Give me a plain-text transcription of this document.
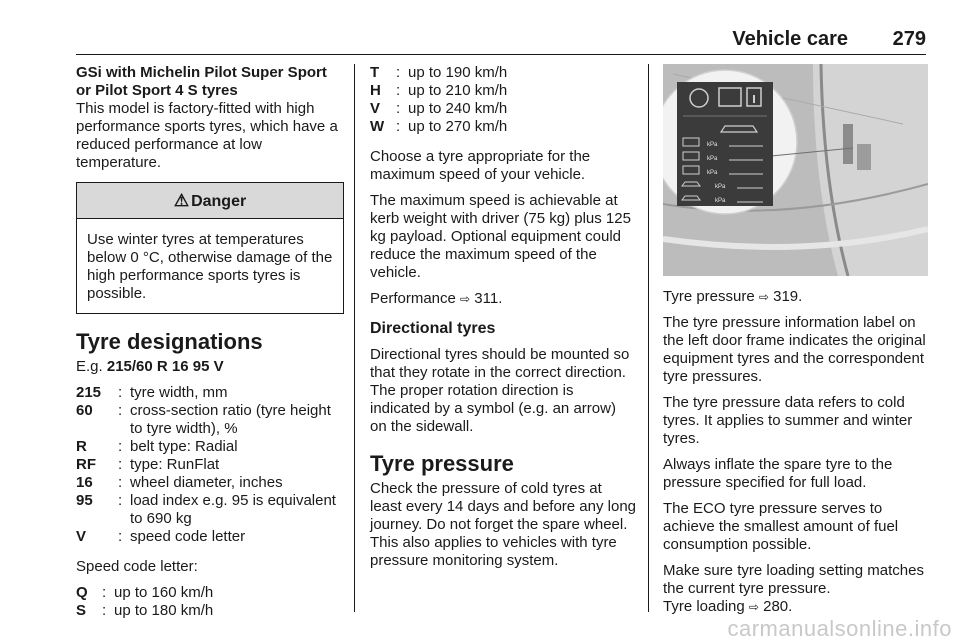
Vehicle care 279
GSi with Michelin Pilot Super Sport or Pilot Sport 4 S tyres

This model is factory-fitted with high performance sports tyres, which have a reduced performance at low temperature.

⚠ Danger
Use winter tyres at temperatures below 0 °C, otherwise damage of the high performance sports tyres is possible.
Tyre designations

E.g. 215/60 R 16 95 V

215	: tyre width, mm
60	: cross-section ratio (tyre height to tyre width), %
R	: belt type: Radial
RF	: type: RunFlat
16	: wheel diameter, inches
95	: load index e.g. 95 is equivalent to 690 kg
V	: speed code letter

Speed code letter:

Q : up to 160 km/h
S	: up to 180 km/h
T	: up to 190 km/h
H	: up to 210 km/h
V	: up to 240 km/h
W : up to 270 km/h

Choose a tyre appropriate for the maximum speed of your vehicle.

The maximum speed is achievable at kerb weight with driver (75 kg) plus 125 kg payload. Optional equipment could reduce the maximum speed of the vehicle.

Performance ⇨ 311.

Directional tyres

Directional tyres should be mounted so that they rotate in the correct direction. The proper rotation direction is indicated by a symbol (e.g. an arrow) on the sidewall.

Tyre pressure

Check the pressure of cold tyres at least every 14 days and before any long journey. Do not forget the spare wheel. This also applies to vehicles with tyre pressure monitoring system.

kPa
kPa
kPa
kPa
kPa

Tyre pressure ⇨ 319.

The tyre pressure information label on the left door frame indicates the original equipment tyres and the correspondent tyre pressures.

The tyre pressure data refers to cold tyres. It applies to summer and winter tyres.

Always inflate the spare tyre to the pressure specified for full load.

The ECO tyre pressure serves to achieve the smallest amount of fuel consumption possible.

Make sure tyre loading setting matches the current tyre pressure.

Tyre loading ⇨ 280.

carmanualsonline.info
